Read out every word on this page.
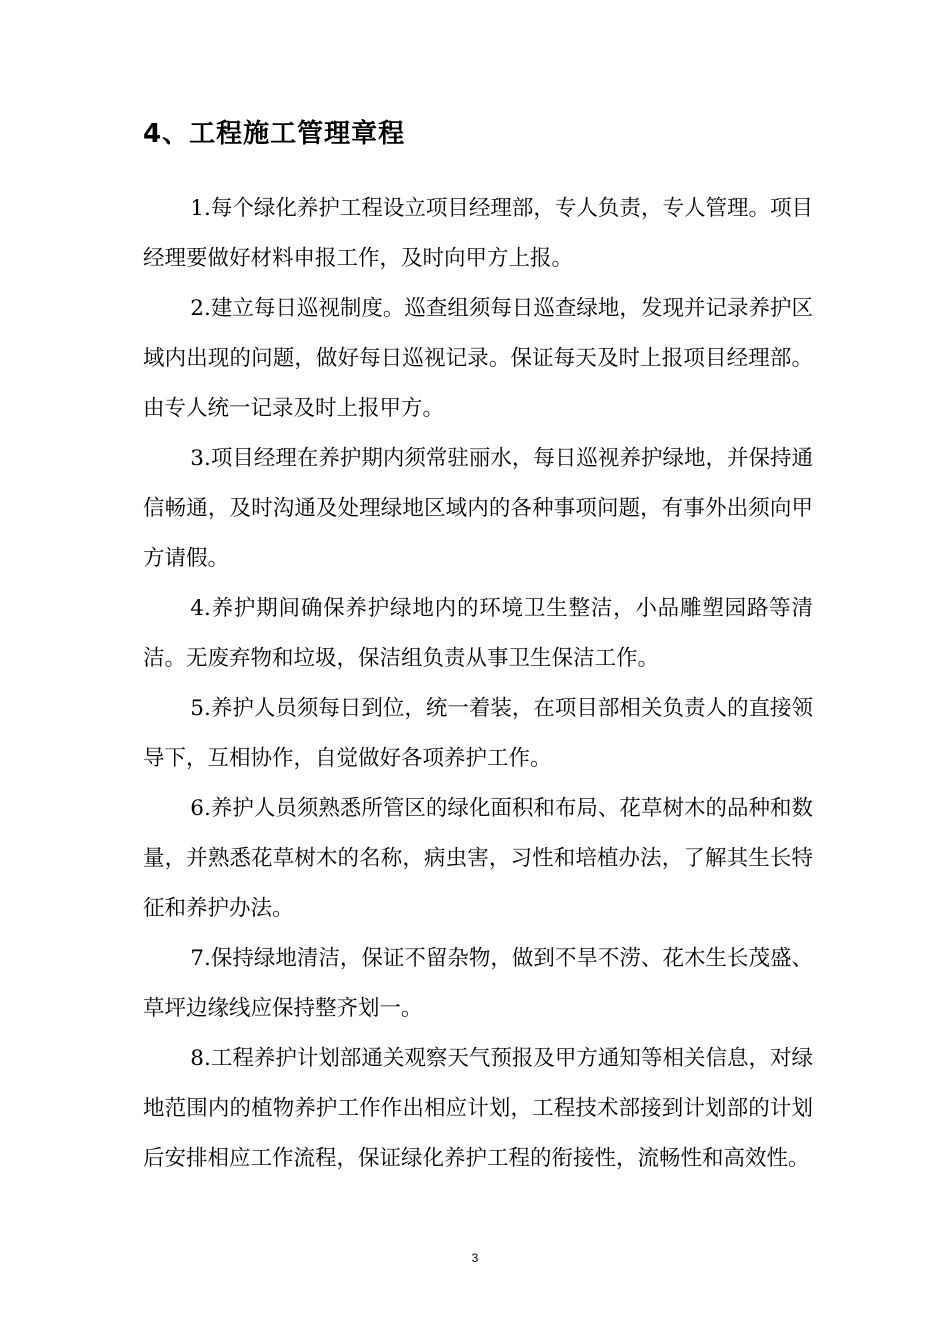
4、工程施工管理章程

1.每个绿化养护工程设立项目经理部，专人负责，专人管理。项目经理要做好材料申报工作，及时向甲方上报。

2.建立每日巡视制度。巡查组须每日巡查绿地，发现并记录养护区域内出现的问题，做好每日巡视记录。保证每天及时上报项目经理部。由专人统一记录及时上报甲方。

3.项目经理在养护期内须常驻丽水，每日巡视养护绿地，并保持通信畅通，及时沟通及处理绿地区域内的各种事项问题，有事外出须向甲方请假。

4.养护期间确保养护绿地内的环境卫生整洁，小品雕塑园路等清洁。无废弃物和垃圾，保洁组负责从事卫生保洁工作。

5.养护人员须每日到位，统一着装，在项目部相关负责人的直接领导下，互相协作，自觉做好各项养护工作。

6.养护人员须熟悉所管区的绿化面积和布局、花草树木的品种和数量，并熟悉花草树木的名称，病虫害，习性和培植办法，了解其生长特征和养护办法。

7.保持绿地清洁，保证不留杂物，做到不旱不涝、花木生长茂盛、草坪边缘线应保持整齐划一。

8.工程养护计划部通关观察天气预报及甲方通知等相关信息，对绿地范围内的植物养护工作作出相应计划，工程技术部接到计划部的计划后安排相应工作流程，保证绿化养护工程的衔接性，流畅性和高效性。

3
